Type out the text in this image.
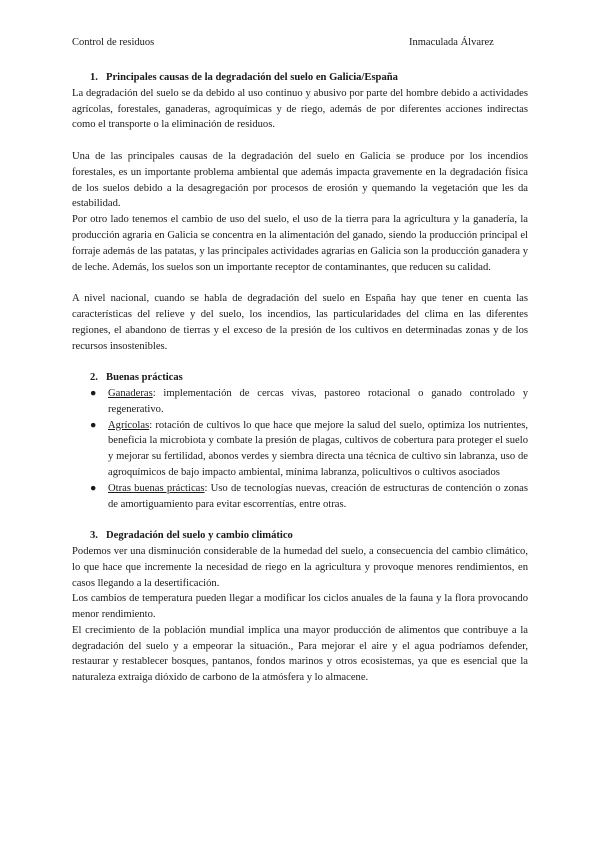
Control de residuos	Inmaculada Álvarez
1. Principales causas de la degradación del suelo en Galicia/España

La degradación del suelo se da debido al uso continuo y abusivo por parte del hombre debido a actividades agrícolas, forestales, ganaderas, agroquímicas y de riego, además de por diferentes acciones indirectas como el transporte o la eliminación de residuos.

Una de las principales causas de la degradación del suelo en Galicia se produce por los incendios forestales, es un importante problema ambiental que además impacta gravemente en la degradación física de los suelos debido a la desagregación por procesos de erosión y quemando la vegetación que les da estabilidad.

Por otro lado tenemos el cambio de uso del suelo, el uso de la tierra para la agricultura y la ganadería, la producción agraria en Galicia se concentra en la alimentación del ganado, siendo la producción principal el forraje además de las patatas, y las principales actividades agrarias en Galicia son la producción ganadera y de leche. Además, los suelos son un importante receptor de contaminantes, que reducen su calidad.

A nivel nacional, cuando se habla de degradación del suelo en España hay que tener en cuenta las características del relieve y del suelo, los incendios, las particularidades del clima en las diferentes regiones, el abandono de tierras y el exceso de la presión de los cultivos en determinadas zonas y de los recursos insostenibles.

2. Buenas prácticas
● Ganaderas: implementación de cercas vivas, pastoreo rotacional o ganado controlado y regenerativo.
● Agrícolas: rotación de cultivos lo que hace que mejore la salud del suelo, optimiza los nutrientes, beneficia la microbiota y combate la presión de plagas, cultivos de cobertura para proteger el suelo y mejorar su fertilidad, abonos verdes y siembra directa una técnica de cultivo sin labranza, uso de agroquímicos de bajo impacto ambiental, mínima labranza, policultivos o cultivos asociados
● Otras buenas prácticas: Uso de tecnologías nuevas, creación de estructuras de contención o zonas de amortiguamiento para evitar escorrentías, entre otras.
3. Degradación del suelo y cambio climático

Podemos ver una disminución considerable de la humedad del suelo, a consecuencia del cambio climático, lo que hace que incremente la necesidad de riego en la agricultura y provoque menores rendimientos, en casos llegando a la desertificación.

Los cambios de temperatura pueden llegar a modificar los ciclos anuales de la fauna y la flora provocando menor rendimiento.

El crecimiento de la población mundial implica una mayor producción de alimentos que contribuye a la degradación del suelo y a empeorar la situación., Para mejorar el aire y el agua podríamos defender, restaurar y restablecer bosques, pantanos, fondos marinos y otros ecosistemas, ya que es esencial que la naturaleza extraiga dióxido de carbono de la atmósfera y lo almacene.
